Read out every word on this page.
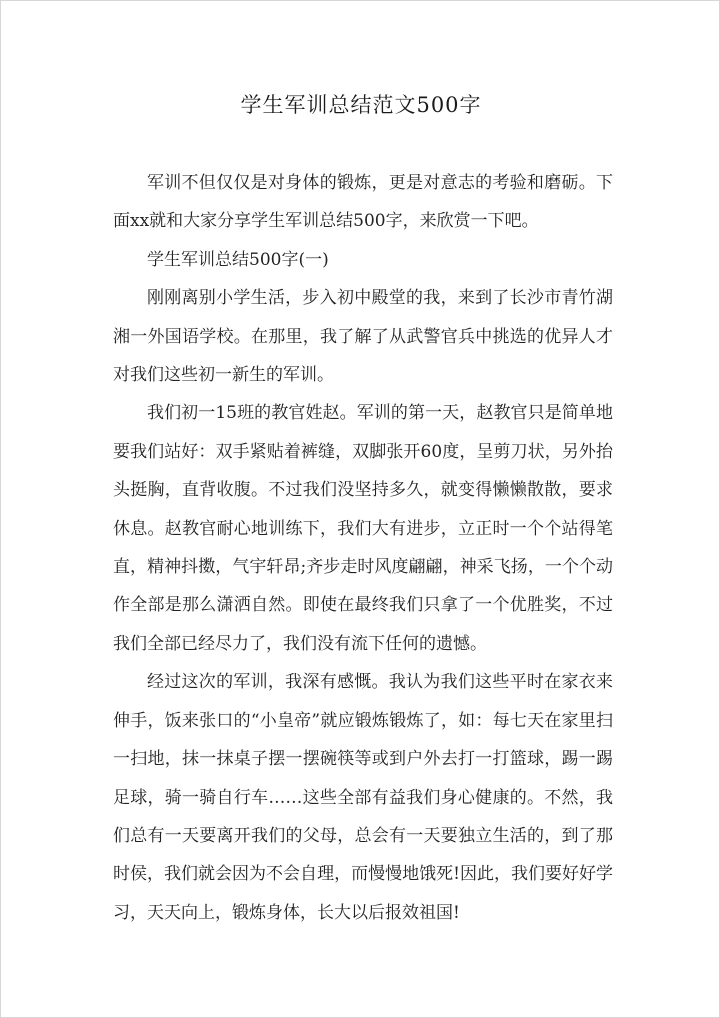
学生军训总结范文500字

军训不但仅仅是对身体的锻炼，更是对意志的考验和磨砺。下面xx就和大家分享学生军训总结500字，来欣赏一下吧。

学生军训总结500字(一)

刚刚离别小学生活，步入初中殿堂的我，来到了长沙市青竹湖湘一外国语学校。在那里，我了解了从武警官兵中挑选的优异人才对我们这些初一新生的军训。

我们初一15班的教官姓赵。军训的第一天，赵教官只是简单地要我们站好：双手紧贴着裤缝，双脚张开60度，呈剪刀状，另外抬头挺胸，直背收腹。不过我们没坚持多久，就变得懒懒散散，要求休息。赵教官耐心地训练下，我们大有进步，立正时一个个站得笔直，精神抖擞，气宇轩昂;齐步走时风度翩翩，神采飞扬，一个个动作全部是那么潇洒自然。即使在最终我们只拿了一个优胜奖，不过我们全部已经尽力了，我们没有流下任何的遗憾。

经过这次的军训，我深有感慨。我认为我们这些平时在家衣来伸手，饭来张口的“小皇帝”就应锻炼锻炼了，如：每七天在家里扫一扫地，抹一抹桌子摆一摆碗筷等或到户外去打一打篮球，踢一踢足球，骑一骑自行车……这些全部有益我们身心健康的。不然，我们总有一天要离开我们的父母，总会有一天要独立生活的，到了那时侯，我们就会因为不会自理，而慢慢地饿死!因此，我们要好好学习，天天向上，锻炼身体，长大以后报效祖国!
